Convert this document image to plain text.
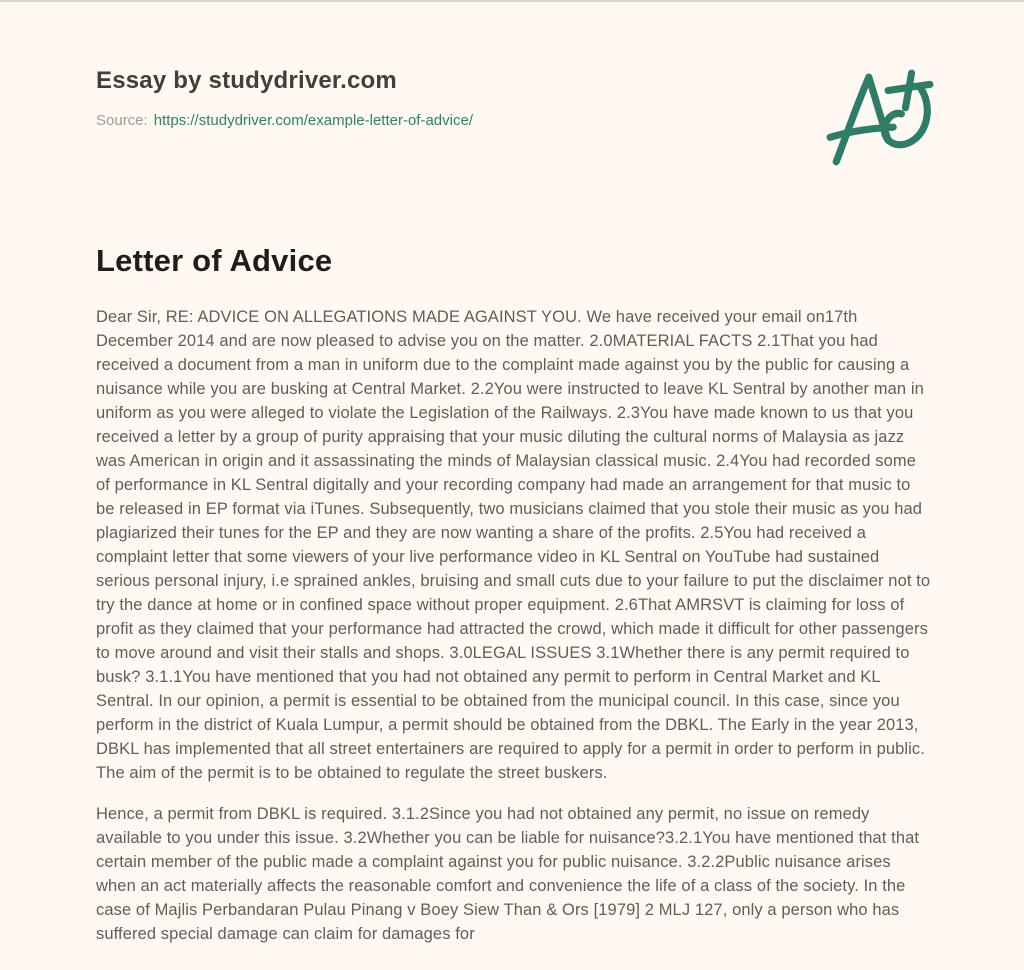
Essay by studydriver.com
Source: https://studydriver.com/example-letter-of-advice/
Letter of Advice

Dear Sir, RE: ADVICE ON ALLEGATIONS MADE AGAINST YOU. We have received your email on17th December 2014 and are now pleased to advise you on the matter. 2.0MATERIAL FACTS 2.1That you had received a document from a man in uniform due to the complaint made against you by the public for causing a nuisance while you are busking at Central Market. 2.2You were instructed to leave KL Sentral by another man in uniform as you were alleged to violate the Legislation of the Railways. 2.3You have made known to us that you received a letter by a group of purity appraising that your music diluting the cultural norms of Malaysia as jazz was American in origin and it assassinating the minds of Malaysian classical music. 2.4You had recorded some of performance in KL Sentral digitally and your recording company had made an arrangement for that music to be released in EP format via iTunes. Subsequently, two musicians claimed that you stole their music as you had plagiarized their tunes for the EP and they are now wanting a share of the profits. 2.5You had received a complaint letter that some viewers of your live performance video in KL Sentral on YouTube had sustained serious personal injury, i.e sprained ankles, bruising and small cuts due to your failure to put the disclaimer not to try the dance at home or in confined space without proper equipment. 2.6That AMRSVT is claiming for loss of profit as they claimed that your performance had attracted the crowd, which made it difficult for other passengers to move around and visit their stalls and shops. 3.0LEGAL ISSUES 3.1Whether there is any permit required to busk? 3.1.1You have mentioned that you had not obtained any permit to perform in Central Market and KL Sentral. In our opinion, a permit is essential to be obtained from the municipal council. In this case, since you perform in the district of Kuala Lumpur, a permit should be obtained from the DBKL. The Early in the year 2013, DBKL has implemented that all street entertainers are required to apply for a permit in order to perform in public. The aim of the permit is to be obtained to regulate the street buskers.

Hence, a permit from DBKL is required. 3.1.2Since you had not obtained any permit, no issue on remedy available to you under this issue. 3.2Whether you can be liable for nuisance?3.2.1You have mentioned that that certain member of the public made a complaint against you for public nuisance. 3.2.2Public nuisance arises when an act materially affects the reasonable comfort and convenience the life of a class of the society. In the case of Majlis Perbandaran Pulau Pinang v Boey Siew Than & Ors [1979] 2 MLJ 127, only a person who has suffered special damage can claim for damages for
